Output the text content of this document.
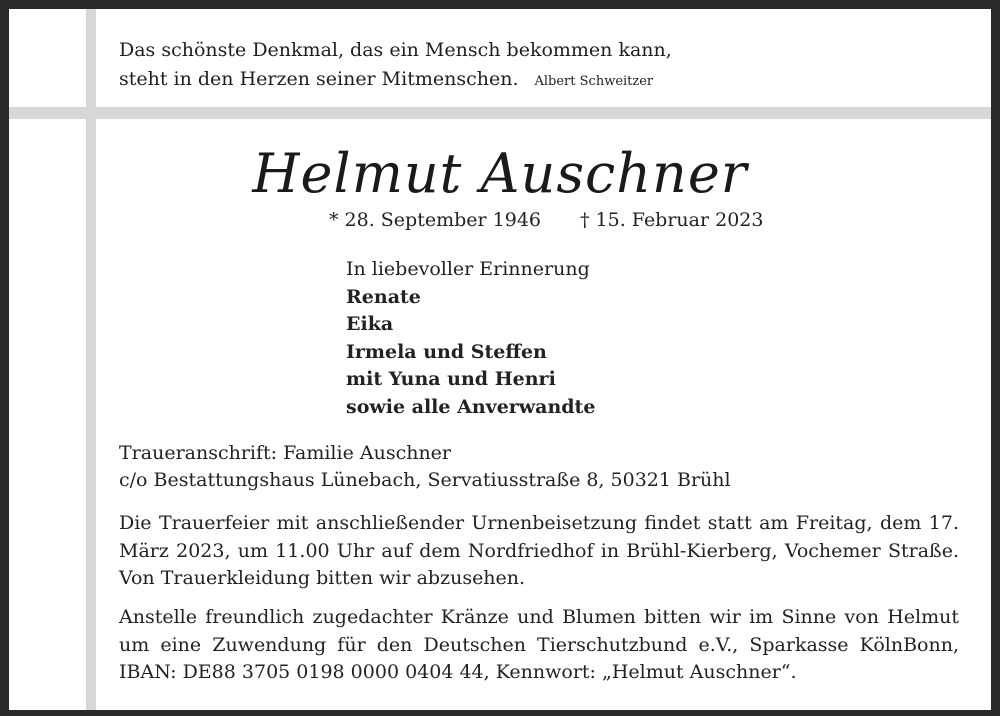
Das schönste Denkmal, das ein Mensch bekommen kann,
steht in den Herzen seiner Mitmenschen. Albert Schweitzer
Helmut Auschner
* 28. September 1946 † 15. Februar 2023
In liebevoller Erinnerung
Renate
Eika
Irmela und Steffen
mit Yuna und Henri
sowie alle Anverwandte
Traueranschrift: Familie Auschner
c/o Bestattungshaus Lünebach, Servatiusstraße 8, 50321 Brühl
Die Trauerfeier mit anschließender Urnenbeisetzung findet statt am Freitag, dem 17. März 2023, um 11.00 Uhr auf dem Nordfriedhof in Brühl-Kierberg, Vochemer Straße. Von Trauerkleidung bitten wir abzusehen.
Anstelle freundlich zugedachter Kränze und Blumen bitten wir im Sinne von Helmut um eine Zuwendung für den Deutschen Tierschutzbund e.V., Sparkasse KölnBonn, IBAN: DE88 3705 0198 0000 0404 44, Kennwort: „Helmut Auschner“.
